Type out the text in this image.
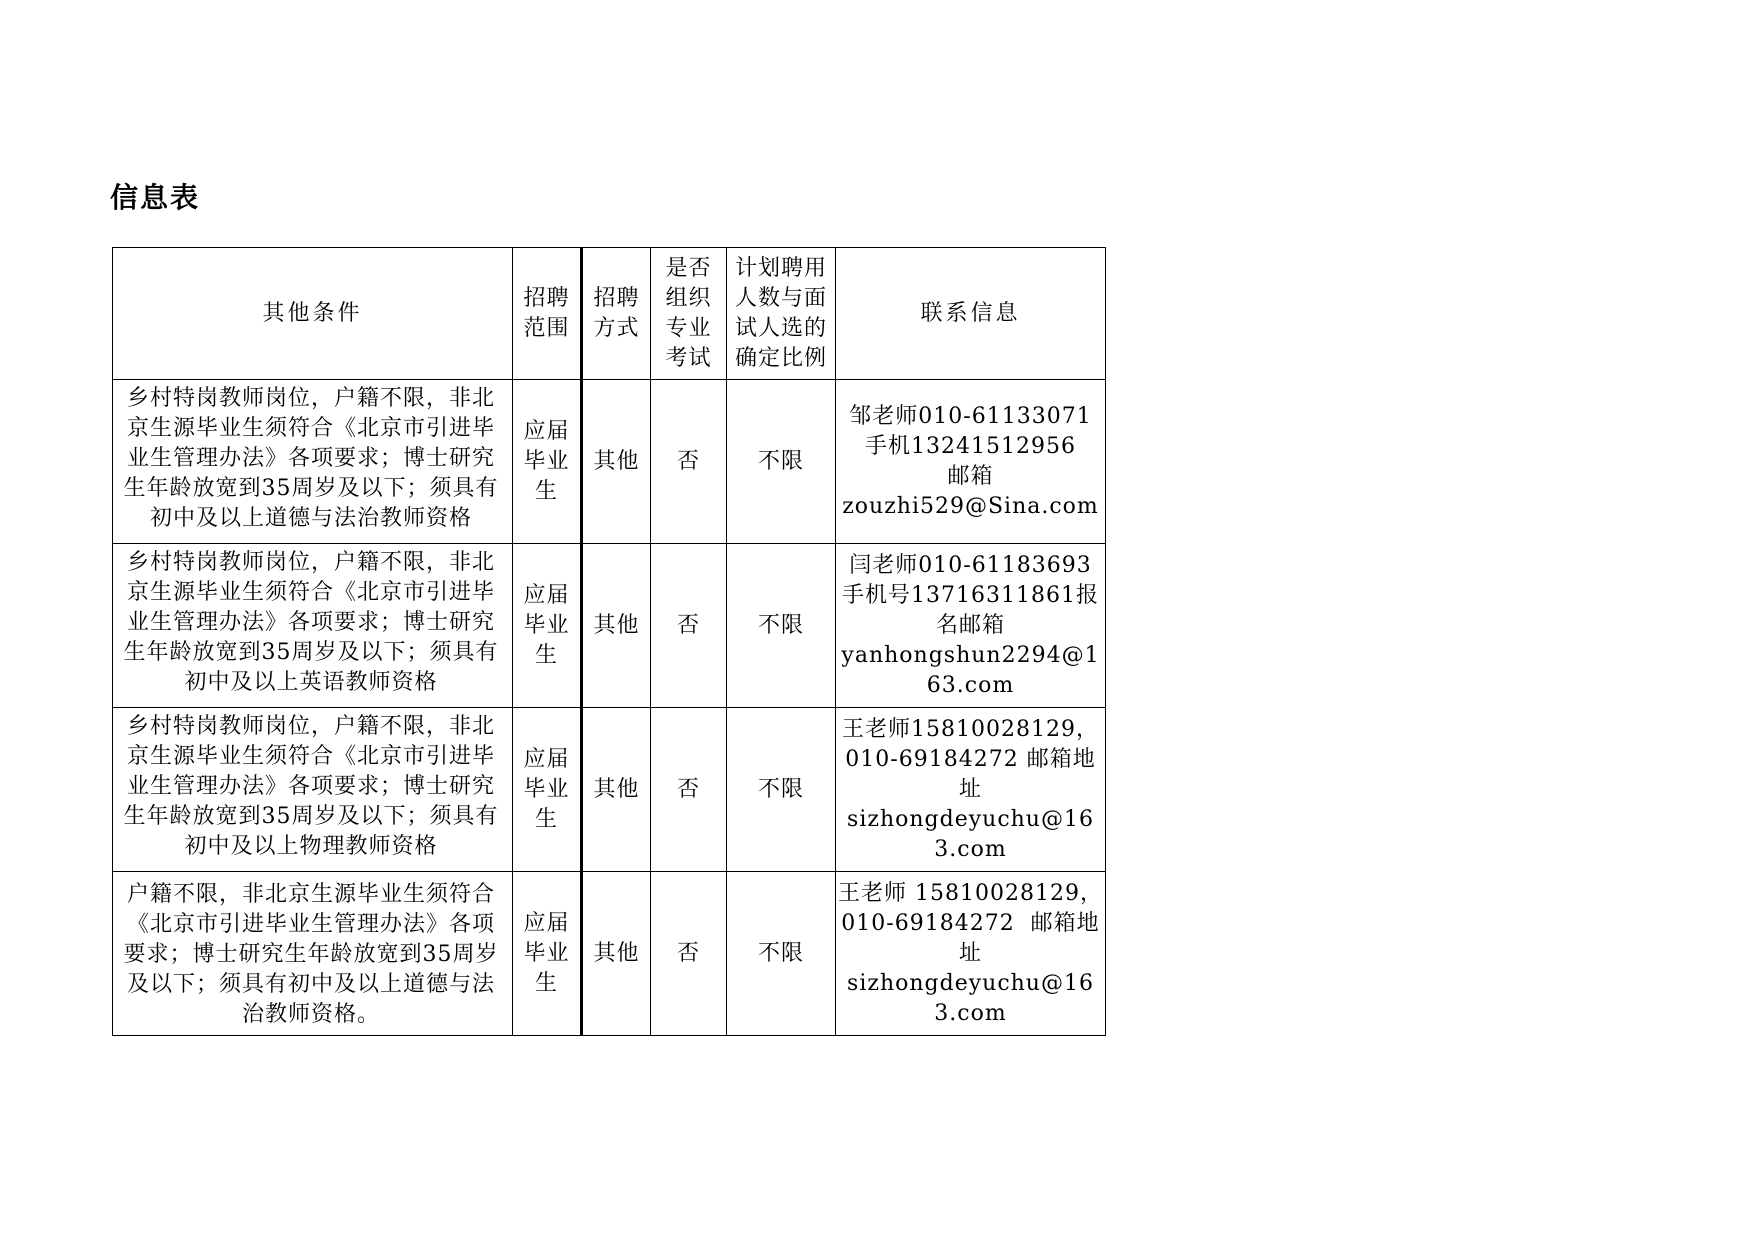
信息表
其他条件	招聘范围	招聘方式	是否组织专业考试	计划聘用人数与面试人选的确定比例	联系信息

乡村特岗教师岗位，户籍不限，非北京生源毕业生须符合《北京市引进毕业生管理办法》各项要求；博士研究生年龄放宽到35周岁及以下；须具有初中及以上道德与法治教师资格	应届毕业生	其他	否	不限	邹老师010-61133071
手机13241512956
邮箱
zouzhi529@Sina.com

乡村特岗教师岗位，户籍不限，非北京生源毕业生须符合《北京市引进毕业生管理办法》各项要求；博士研究生年龄放宽到35周岁及以下；须具有初中及以上英语教师资格	应届毕业生	其他	否	不限	闫老师010-61183693
手机号13716311861报名邮箱
yanhongshun2294@163.com

乡村特岗教师岗位，户籍不限，非北京生源毕业生须符合《北京市引进毕业生管理办法》各项要求；博士研究生年龄放宽到35周岁及以下；须具有初中及以上物理教师资格	应届毕业生	其他	否	不限	王老师15810028129，010-69184272 邮箱地址
sizhongdeyuchu@163.com

户籍不限，非北京生源毕业生须符合《北京市引进毕业生管理办法》各项要求；博士研究生年龄放宽到35周岁及以下；须具有初中及以上道德与法治教师资格。	应届毕业生	其他	否	不限	王老师 15810028129，010-69184272  邮箱地址
sizhongdeyuchu@163.com
